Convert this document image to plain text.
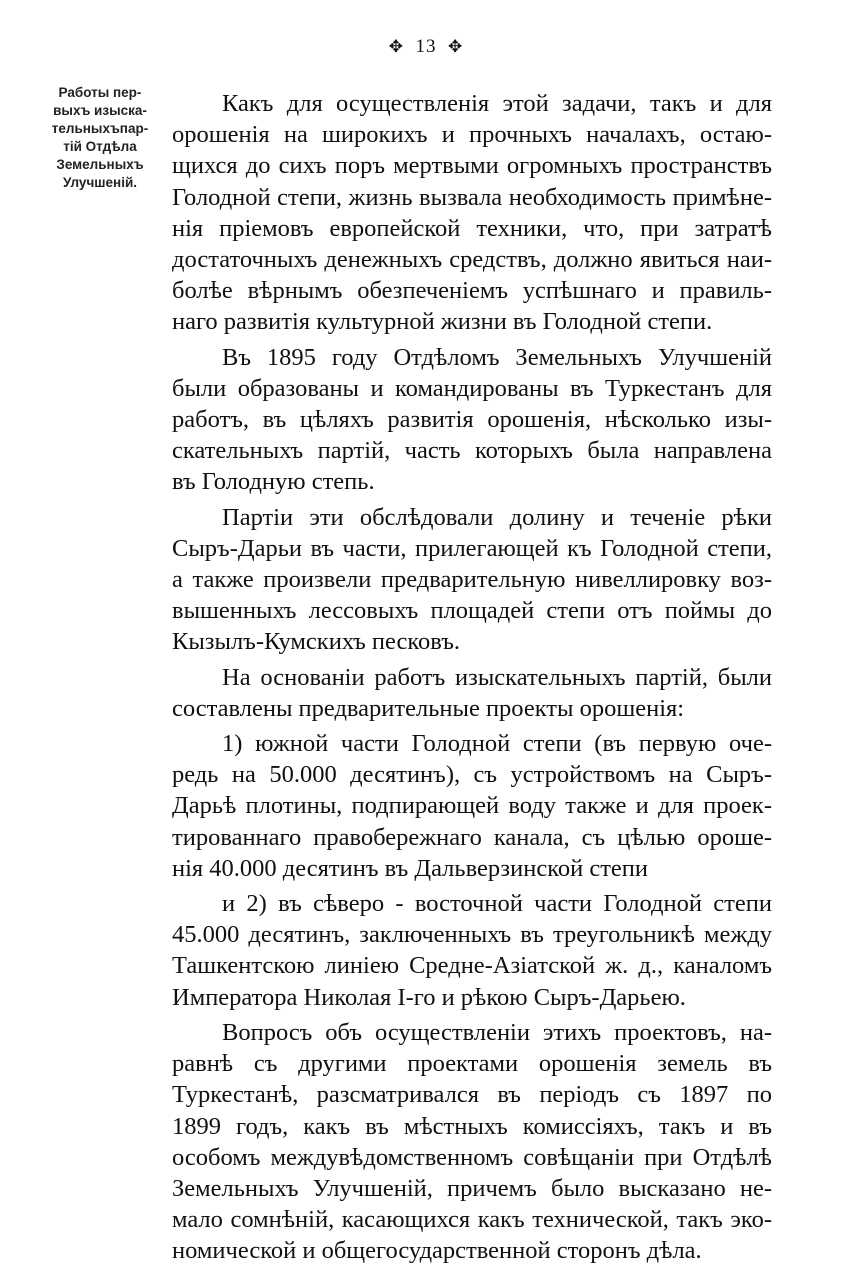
✥ 13 ✥
Работы пер-
выхъ изыска-
тельныхъпар-
тій Отдѣла
Земельныхъ
Улучшеній.
Какъ для осуществленія этой задачи, такъ и для
орошенія на широкихъ и прочныхъ началахъ, остаю-
щихся до сихъ поръ мертвыми огромныхъ пространствъ
Голодной степи, жизнь вызвала необходимость примѣне-
нія пріемовъ европейской техники, что, при затратѣ
достаточныхъ денежныхъ средствъ, должно явиться наи-
болѣе вѣрнымъ обезпеченіемъ успѣшнаго и правиль-
наго развитія культурной жизни въ Голодной степи.
Въ 1895 году Отдѣломъ Земельныхъ Улучшеній
были образованы и командированы въ Туркестанъ для
работъ, въ цѣляхъ развитія орошенія, нѣсколько изы-
скательныхъ партій, часть которыхъ была направлена
въ Голодную степь.
Партіи эти обслѣдовали долину и теченіе рѣки
Сыръ-Дарьи въ части, прилегающей къ Голодной степи,
а также произвели предварительную нивеллировку воз-
вышенныхъ лессовыхъ площадей степи отъ поймы до
Кызылъ-Кумскихъ песковъ.
На основаніи работъ изыскательныхъ партій, были
составлены предварительные проекты орошенія:
1) южной части Голодной степи (въ первую оче-
редь на 50.000 десятинъ), съ устройствомъ на Сыръ-
Дарьѣ плотины, подпирающей воду также и для проек-
тированнаго правобережнаго канала, съ цѣлью ороше-
нія 40.000 десятинъ въ Дальверзинской степи
и 2) въ сѣверо - восточной части Голодной степи
45.000 десятинъ, заключенныхъ въ треугольникѣ между
Ташкентскою линіею Средне-Азіатской ж. д., каналомъ
Императора Николая I-го и рѣкою Сыръ-Дарьею.
Вопросъ объ осуществленіи этихъ проектовъ, на-
равнѣ съ другими проектами орошенія земель въ
Туркестанѣ, разсматривался въ періодъ съ 1897 по
1899 годъ, какъ въ мѣстныхъ комиссіяхъ, такъ и въ
особомъ междувѣдомственномъ совѣщаніи при Отдѣлѣ
Земельныхъ Улучшеній, причемъ было высказано не-
мало сомнѣній, касающихся какъ технической, такъ эко-
номической и общегосударственной сторонъ дѣла.
